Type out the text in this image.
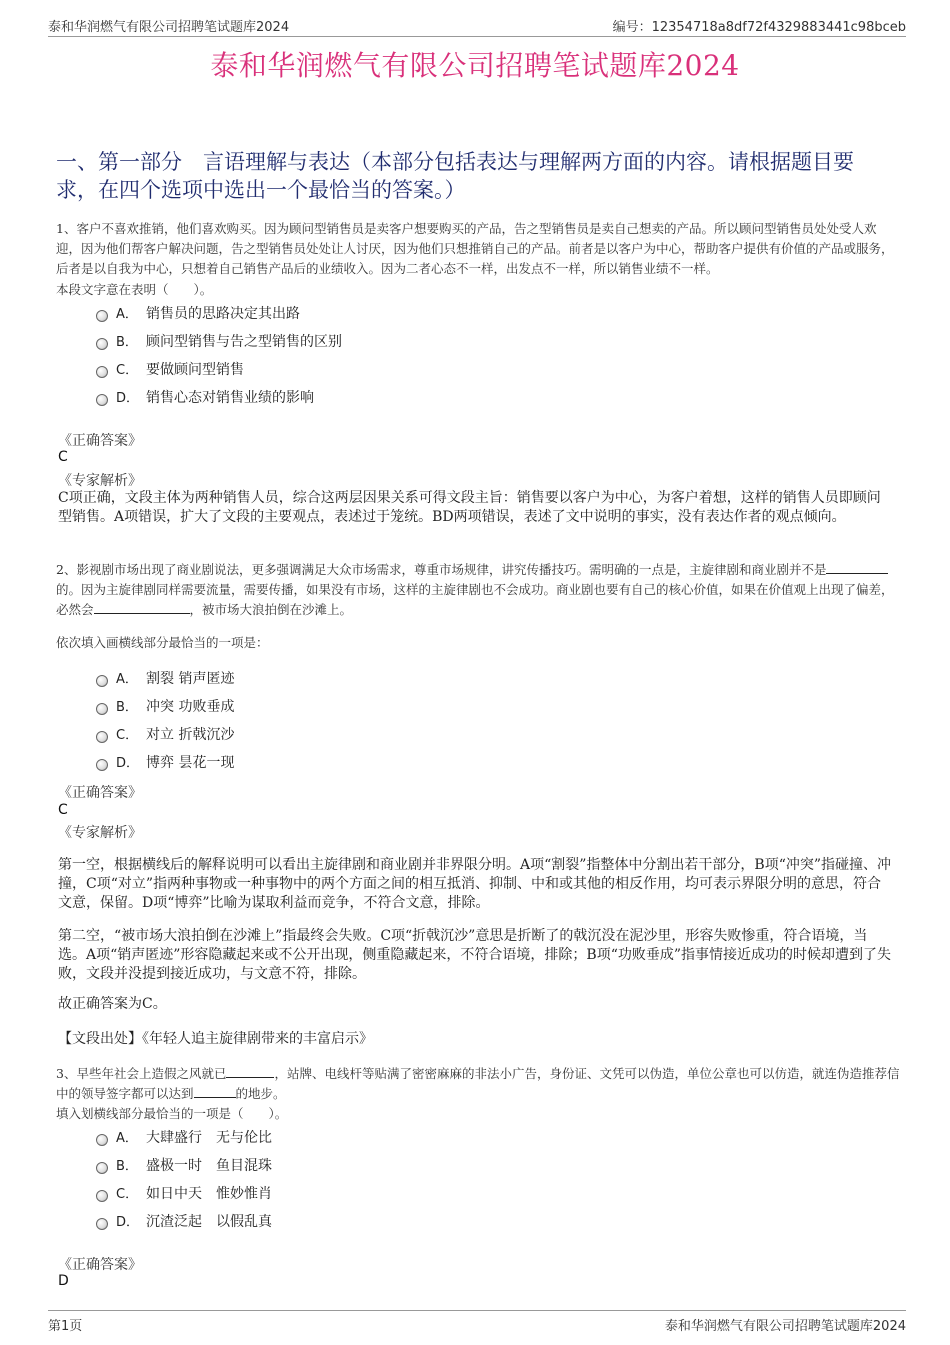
泰和华润燃气有限公司招聘笔试题库2024	编号：12354718a8df72f4329883441c98bceb
泰和华润燃气有限公司招聘笔试题库2024
一、第一部分　言语理解与表达（本部分包括表达与理解两方面的内容。请根据题目要求，在四个选项中选出一个最恰当的答案。）
1、客户不喜欢推销，他们喜欢购买。因为顾问型销售员是卖客户想要购买的产品，告之型销售员是卖自己想卖的产品。所以顾问型销售员处处受人欢迎，因为他们帮客户解决问题，告之型销售员处处让人讨厌，因为他们只想推销自己的产品。前者是以客户为中心，帮助客户提供有价值的产品或服务，后者是以自我为中心，只想着自己销售产品后的业绩收入。因为二者心态不一样，出发点不一样，所以销售业绩不一样。
本段文字意在表明（　　）。
A． 销售员的思路决定其出路
B． 顾问型销售与告之型销售的区别
C． 要做顾问型销售
D． 销售心态对销售业绩的影响
《正确答案》
C
《专家解析》
C项正确，文段主体为两种销售人员，综合这两层因果关系可得文段主旨：销售要以客户为中心，为客户着想，这样的销售人员即顾问型销售。A项错误，扩大了文段的主要观点，表述过于笼统。BD两项错误，表述了文中说明的事实，没有表达作者的观点倾向。
2、影视剧市场出现了商业剧说法，更多强调满足大众市场需求，尊重市场规律，讲究传播技巧。需明确的一点是，主旋律剧和商业剧并不是的。因为主旋律剧同样需要流量，需要传播，如果没有市场，这样的主旋律剧也不会成功。商业剧也要有自己的核心价值，如果在价值观上出现了偏差，必然会	，被市场大浪拍倒在沙滩上。
依次填入画横线部分最恰当的一项是：
A． 割裂 销声匿迹
B． 冲突 功败垂成
C． 对立 折戟沉沙
D． 博弈 昙花一现
《正确答案》
C
《专家解析》
第一空，根据横线后的解释说明可以看出主旋律剧和商业剧并非界限分明。A项“割裂”指整体中分割出若干部分，B项“冲突”指碰撞、冲撞，C项“对立”指两种事物或一种事物中的两个方面之间的相互抵消、抑制、中和或其他的相反作用，均可表示界限分明的意思，符合文意，保留。D项“博弈”比喻为谋取利益而竞争，不符合文意，排除。
第二空，“被市场大浪拍倒在沙滩上”指最终会失败。C项“折戟沉沙”意思是折断了的戟沉没在泥沙里，形容失败惨重，符合语境，当选。A项“销声匿迹”形容隐藏起来或不公开出现，侧重隐藏起来，不符合语境，排除；B项“功败垂成”指事情接近成功的时候却遭到了失败，文段并没提到接近成功，与文意不符，排除。
故正确答案为C。
【文段出处】《年轻人追主旋律剧带来的丰富启示》
3、早些年社会上造假之风就已	，站牌、电线杆等贴满了密密麻麻的非法小广告，身份证、文凭可以伪造，单位公章也可以仿造，就连伪造推荐信中的领导签字都可以达到	的地步。
填入划横线部分最恰当的一项是（　　）。
A． 大肆盛行　无与伦比
B． 盛极一时　鱼目混珠
C． 如日中天　惟妙惟肖
D． 沉渣泛起　以假乱真
《正确答案》
D
第1页	泰和华润燃气有限公司招聘笔试题库2024
